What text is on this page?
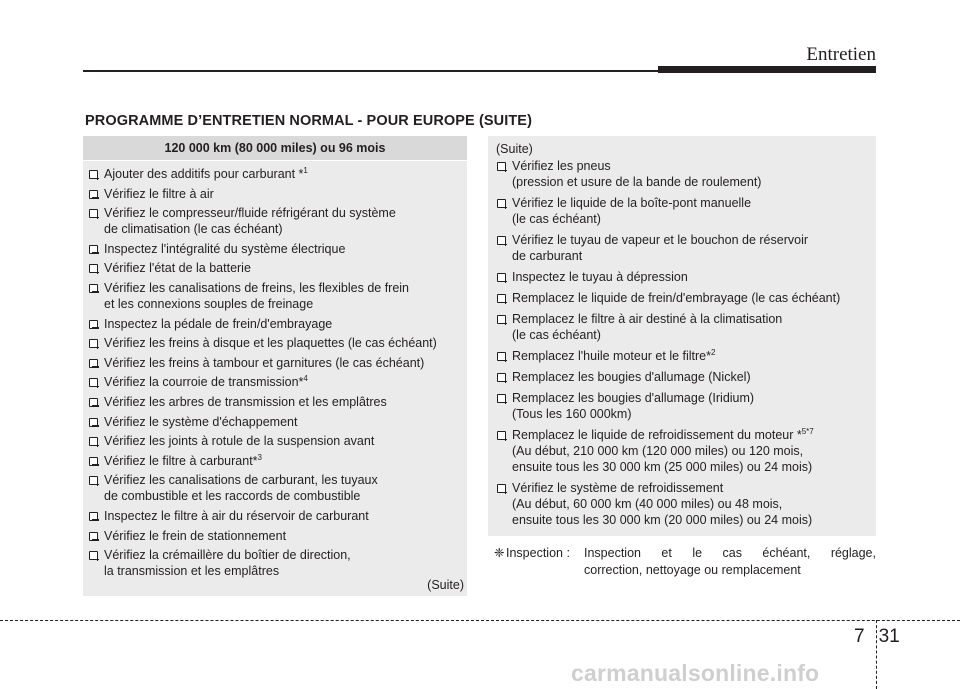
Entretien
PROGRAMME D’ENTRETIEN NORMAL - POUR EUROPE (SUITE)
120 000 km (80 000 miles) ou 96 mois
Ajouter des additifs pour carburant *$^1$
Vérifiez le filtre à air
Vérifiez le compresseur/fluide réfrigérant du système
de climatisation (le cas échéant)
Inspectez l'intégralité du système électrique
Vérifiez l'état de la batterie
Vérifiez les canalisations de freins, les flexibles de frein
et les connexions souples de freinage
Inspectez la pédale de frein/d'embrayage
Vérifiez les freins à disque et les plaquettes (le cas échéant)
Vérifiez les freins à tambour et garnitures (le cas échéant)
Vérifiez la courroie de transmission*$^4$
Vérifiez les arbres de transmission et les emplâtres
Vérifiez le système d'échappement
Vérifiez les joints à rotule de la suspension avant
Vérifiez le filtre à carburant*$^3$
Vérifiez les canalisations de carburant, les tuyaux
de combustible et les raccords de combustible
Inspectez le filtre à air du réservoir de carburant
Vérifiez le frein de stationnement
Vérifiez la crémaillère du boîtier de direction,
la transmission et les emplâtres
(Suite)
(Suite)
Vérifiez les pneus
(pression et usure de la bande de roulement)
Vérifiez le liquide de la boîte-pont manuelle
(le cas échéant)
Vérifiez le tuyau de vapeur et le bouchon de réservoir
de carburant
Inspectez le tuyau à dépression
Remplacez le liquide de frein/d'embrayage (le cas échéant)
Remplacez le filtre à air destiné à la climatisation
(le cas échéant)
Remplacez l'huile moteur et le filtre*$^2$
Remplacez les bougies d'allumage (Nickel)
Remplacez les bougies d'allumage (Iridium)
(Tous les 160 000km)
Remplacez le liquide de refroidissement du moteur *$^{5*7}$
(Au début, 210 000 km (120 000 miles) ou 120 mois,
ensuite tous les 30 000 km (25 000 miles) ou 24 mois)
Vérifiez le système de refroidissement
(Au début, 60 000 km (40 000 miles) ou 48 mois,
ensuite tous les 30 000 km (20 000 miles) ou 24 mois)
❈ Inspection :	Inspection et le cas échéant, réglage,
correction, nettoyage ou remplacement
7 31
carmanualsonline.info
